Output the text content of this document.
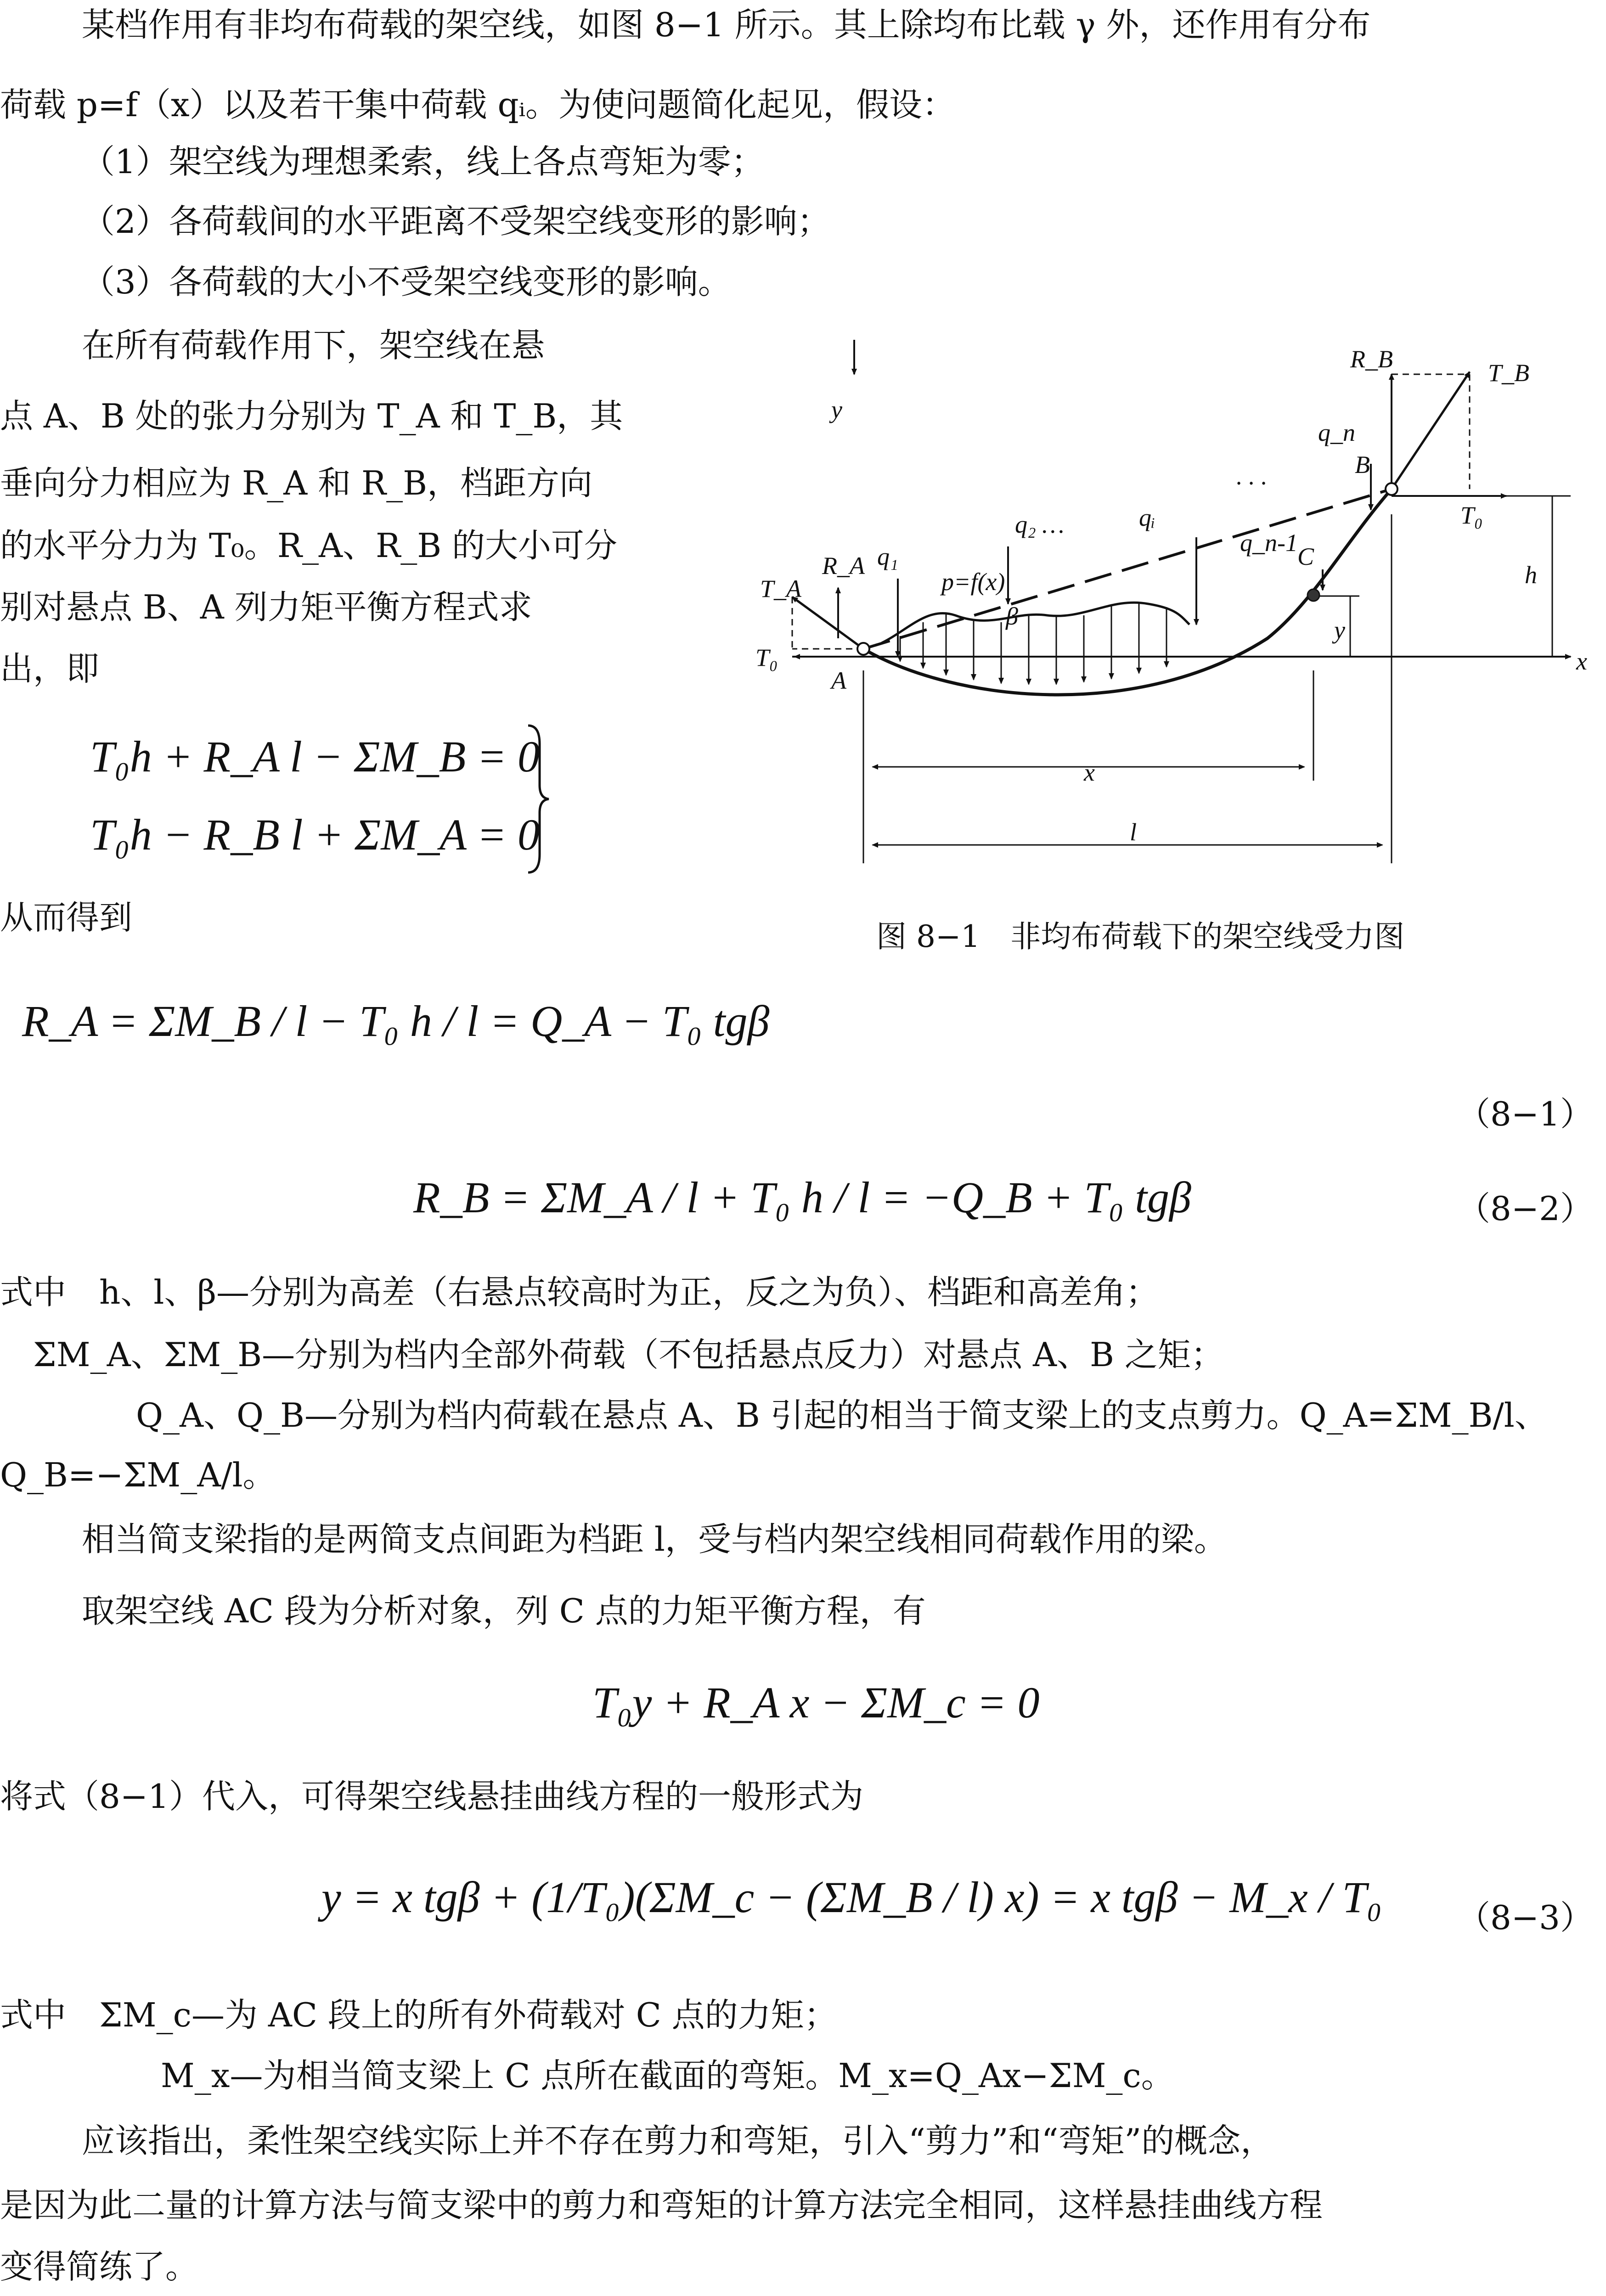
某档作用有非均布荷载的架空线，如图 8−1 所示。其上除均布比载 γ 外，还作用有分布
荷载 p=f（x）以及若干集中荷载 qᵢ。为使问题简化起见，假设：
（1）架空线为理想柔索，线上各点弯矩为零；
（2）各荷载间的水平距离不受架空线变形的影响；
（3）各荷载的大小不受架空线变形的影响。
在所有荷载作用下，架空线在悬
点 A、B 处的张力分别为 T_A 和 T_B，其
垂向分力相应为 R_A 和 R_B，档距方向
的水平分力为 T₀。R_A、R_B 的大小可分
别对悬点 B、A 列力矩平衡方程式求
出，即
T₀h + R_A l − ΣM_B = 0
T₀h − R_B l + ΣM_A = 0
从而得到
R_A = ΣM_B / l − T₀ h / l = Q_A − T₀ tgβ
（8−1）
R_B = ΣM_A / l + T₀ h / l = −Q_B + T₀ tgβ	（8−2）
式中　h、l、β—分别为高差（右悬点较高时为正，反之为负）、档距和高差角；
ΣM_A、ΣM_B—分别为档内全部外荷载（不包括悬点反力）对悬点 A、B 之矩；
Q_A、Q_B—分别为档内荷载在悬点 A、B 引起的相当于简支梁上的支点剪力。Q_A=ΣM_B/l、
Q_B=−ΣM_A/l。
相当简支梁指的是两简支点间距为档距 l，受与档内架空线相同荷载作用的梁。
取架空线 AC 段为分析对象，列 C 点的力矩平衡方程，有
T₀y + R_A x − ΣM_c = 0
将式（8−1）代入，可得架空线悬挂曲线方程的一般形式为
y = x tgβ + (1/T₀)(ΣM_c − (ΣM_B / l) x) = x tgβ − M_x / T₀ （8−3）
式中　ΣM_c—为 AC 段上的所有外荷载对 C 点的力矩；
M_x—为相当简支梁上 C 点所在截面的弯矩。M_x=Q_Ax−ΣM_c。
应该指出，柔性架空线实际上并不存在剪力和弯矩，引入“剪力”和“弯矩”的概念，
是因为此二量的计算方法与简支梁中的剪力和弯矩的计算方法完全相同，这样悬挂曲线方程
变得简练了。
y
x
R_B	T_B
q_n
B
· · ·
q₂ …	qᵢ
q_n-1
T₀
h
C
R_A q₁
p=f(x)
β	y
T_A
T₀
A
x
l
图 8−1　非均布荷载下的架空线受力图
